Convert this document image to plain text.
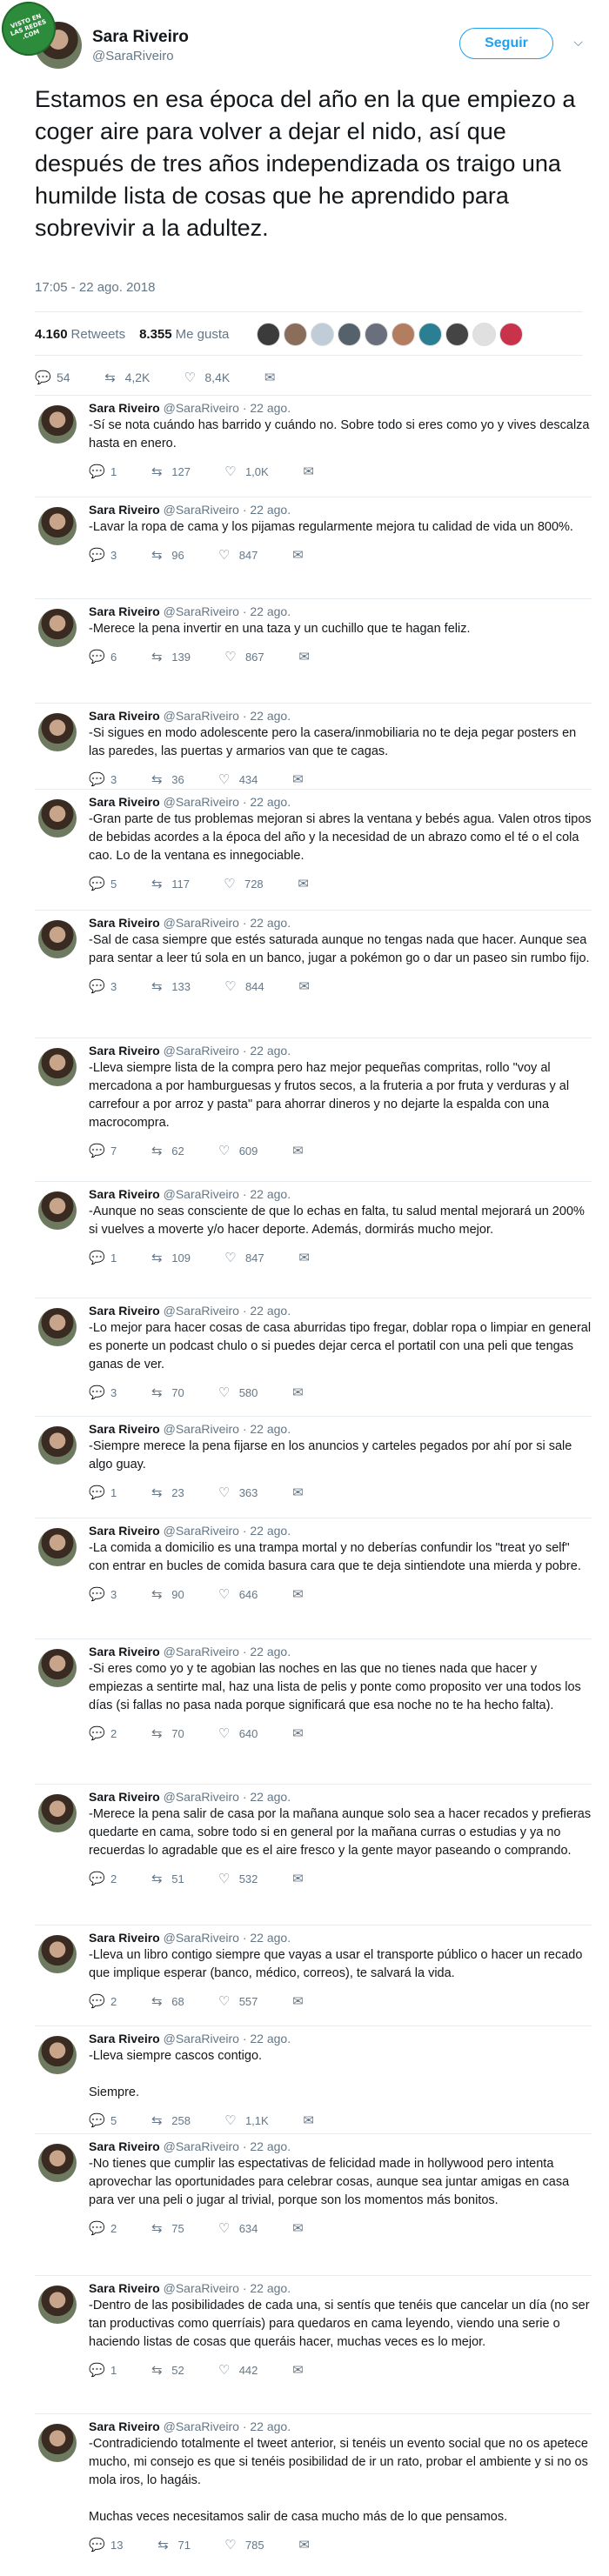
VISTO EN LAS REDES .COM	Sara Riveiro
@SaraRiveiro
Seguir	⌵
Estamos en esa época del año en la que empiezo a coger aire para volver a dejar el nido, así que después de tres años independizada os traigo una humilde lista de cosas que he aprendido para sobrevivir a la adultez.
17:05 - 22 ago. 2018
4.160 Retweets 8.355 Me gusta
💬 54	⇆ 4,2K	♡ 8,4K	✉
Sara Riveiro @SaraRiveiro · 22 ago.
-Sí se nota cuándo has barrido y cuándo no. Sobre todo si eres como yo y vives descalza hasta en enero.
💬 1	⇆ 127	♡ 1,0K	✉
Sara Riveiro @SaraRiveiro · 22 ago.
-Lavar la ropa de cama y los pijamas regularmente mejora tu calidad de vida un 800%.
💬 3	⇆ 96	♡ 847	✉
Sara Riveiro @SaraRiveiro · 22 ago.
-Merece la pena invertir en una taza y un cuchillo que te hagan feliz.
💬 6	⇆ 139	♡ 867	✉
Sara Riveiro @SaraRiveiro · 22 ago.
-Si sigues en modo adolescente pero la casera/inmobiliaria no te deja pegar posters en las paredes, las puertas y armarios van que te cagas.
💬 3	⇆ 36	♡ 434	✉
Sara Riveiro @SaraRiveiro · 22 ago.
-Gran parte de tus problemas mejoran si abres la ventana y bebés agua. Valen otros tipos de bebidas acordes a la época del año y la necesidad de un abrazo como el té o el cola cao. Lo de la ventana es innegociable.
💬 5	⇆ 117	♡ 728	✉
Sara Riveiro @SaraRiveiro · 22 ago.
-Sal de casa siempre que estés saturada aunque no tengas nada que hacer. Aunque sea para sentar a leer tú sola en un banco, jugar a pokémon go o dar un paseo sin rumbo fijo.
💬 3	⇆ 133	♡ 844	✉
Sara Riveiro @SaraRiveiro · 22 ago.
-Lleva siempre lista de la compra pero haz mejor pequeñas compritas, rollo "voy al mercadona a por hamburguesas y frutos secos, a la fruteria a por fruta y verduras y al carrefour a por arroz y pasta" para ahorrar dineros y no dejarte la espalda con una macrocompra.
💬 7	⇆ 62	♡ 609	✉
Sara Riveiro @SaraRiveiro · 22 ago.
-Aunque no seas consciente de que lo echas en falta, tu salud mental mejorará un 200% si vuelves a moverte y/o hacer deporte. Además, dormirás mucho mejor.
💬 1	⇆ 109	♡ 847	✉
Sara Riveiro @SaraRiveiro · 22 ago.
-Lo mejor para hacer cosas de casa aburridas tipo fregar, doblar ropa o limpiar en general es ponerte un podcast chulo o si puedes dejar cerca el portatil con una peli que tengas ganas de ver.
💬 3	⇆ 70	♡ 580	✉
Sara Riveiro @SaraRiveiro · 22 ago.
-Siempre merece la pena fijarse en los anuncios y carteles pegados por ahí por si sale algo guay.
💬 1	⇆ 23	♡ 363	✉
Sara Riveiro @SaraRiveiro · 22 ago.
-La comida a domicilio es una trampa mortal y no deberías confundir los "treat yo self" con entrar en bucles de comida basura cara que te deja sintiendote una mierda y pobre.
💬 3	⇆ 90	♡ 646	✉
Sara Riveiro @SaraRiveiro · 22 ago.
-Si eres como yo y te agobian las noches en las que no tienes nada que hacer y empiezas a sentirte mal, haz una lista de pelis y ponte como proposito ver una todos los días (si fallas no pasa nada porque significará que esa noche no te ha hecho falta).
💬 2	⇆ 70	♡ 640	✉
Sara Riveiro @SaraRiveiro · 22 ago.
-Merece la pena salir de casa por la mañana aunque solo sea a hacer recados y prefieras quedarte en cama, sobre todo si en general por la mañana curras o estudias y ya no recuerdas lo agradable que es el aire fresco y la gente mayor paseando o comprando.
💬 2	⇆ 51	♡ 532	✉
Sara Riveiro @SaraRiveiro · 22 ago.
-Lleva un libro contigo siempre que vayas a usar el transporte público o hacer un recado que implique esperar (banco, médico, correos), te salvará la vida.
💬 2	⇆ 68	♡ 557	✉
Sara Riveiro @SaraRiveiro · 22 ago.
-Lleva siempre cascos contigo.

Siempre.
💬 5	⇆ 258	♡ 1,1K	✉
Sara Riveiro @SaraRiveiro · 22 ago.
-No tienes que cumplir las espectativas de felicidad made in hollywood pero intenta aprovechar las oportunidades para celebrar cosas, aunque sea juntar amigas en casa para ver una peli o jugar al trivial, porque son los momentos más bonitos.
💬 2	⇆ 75	♡ 634	✉
Sara Riveiro @SaraRiveiro · 22 ago.
-Dentro de las posibilidades de cada una, si sentís que tenéis que cancelar un día (no ser tan productivas como querríais) para quedaros en cama leyendo, viendo una serie o haciendo listas de cosas que queráis hacer, muchas veces es lo mejor.
💬 1	⇆ 52	♡ 442	✉
Sara Riveiro @SaraRiveiro · 22 ago.
-Contradiciendo totalmente el tweet anterior, si tenéis un evento social que no os apetece mucho, mi consejo es que si tenéis posibilidad de ir un rato, probar el ambiente y si no os mola iros, lo hagáis.

Muchas veces necesitamos salir de casa mucho más de lo que pensamos.
💬 13	⇆ 71	♡ 785	✉
